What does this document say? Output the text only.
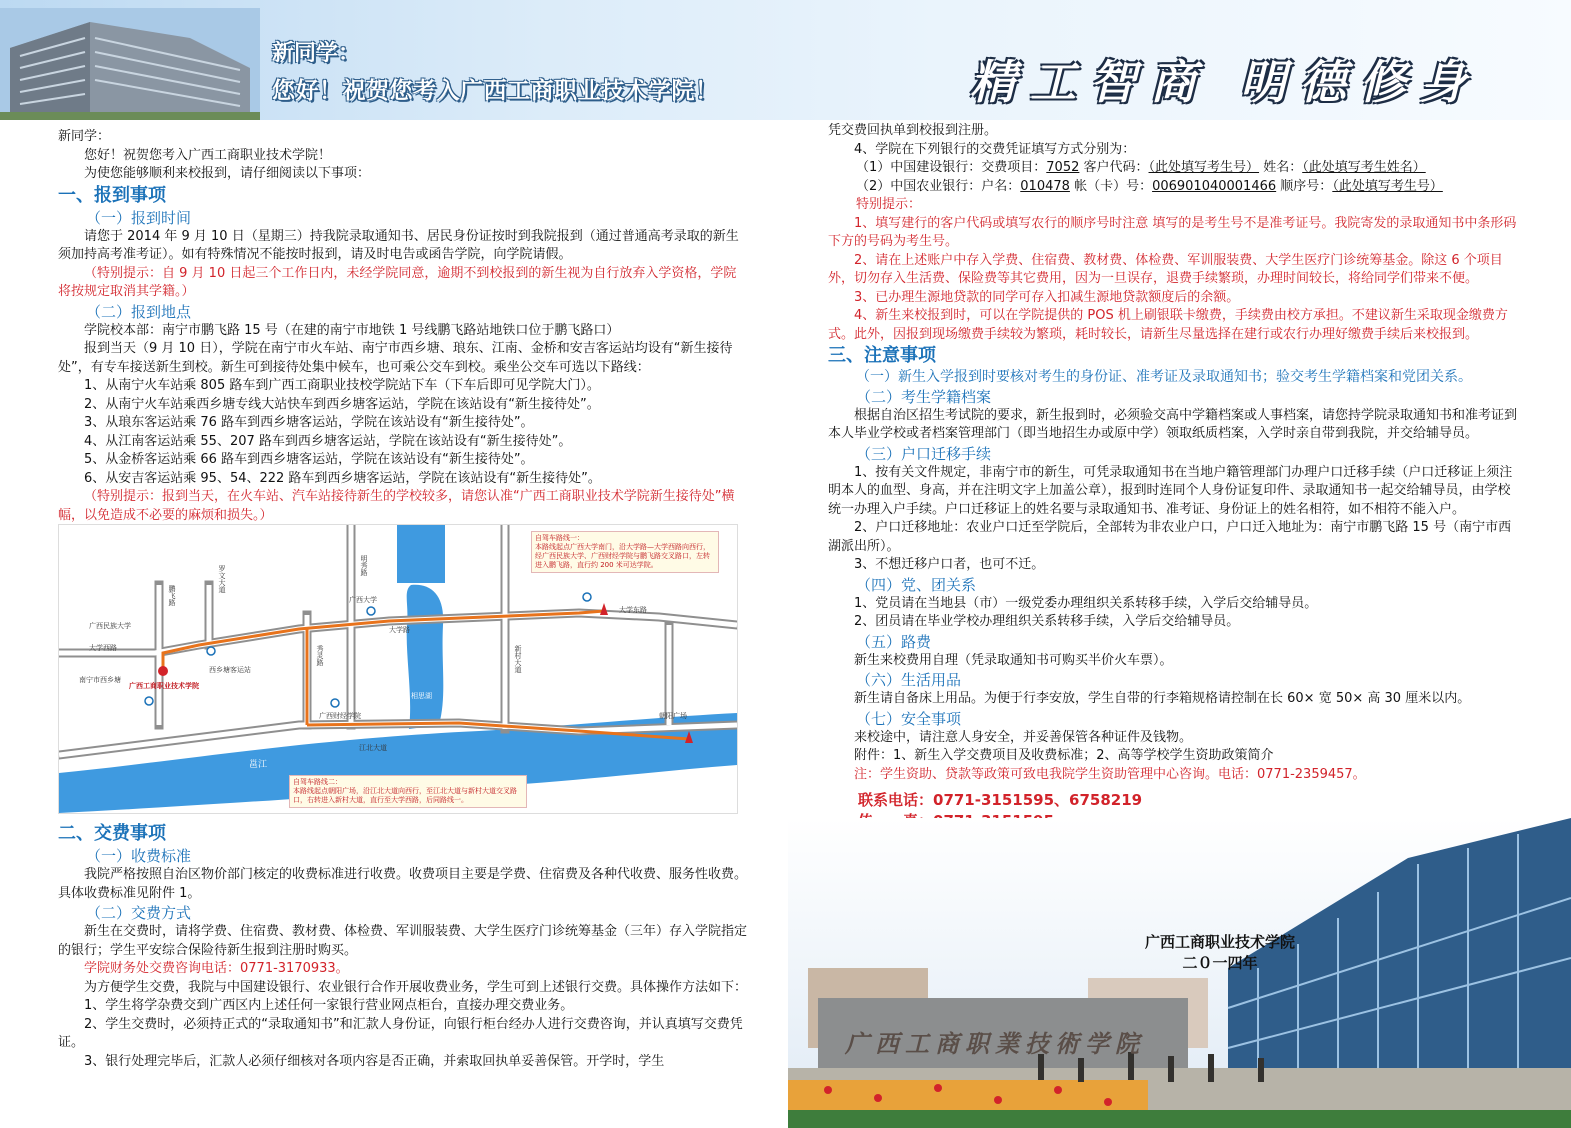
新同学：
您好！祝贺您考入广西工商职业技术学院！	精工智商 明德修身

新同学：

您好！祝贺您考入广西工商职业技术学院！

为使您能够顺利来校报到，请仔细阅读以下事项：

一、报到事项

（一）报到时间

请您于 2014 年 9 月 10 日（星期三）持我院录取通知书、居民身份证按时到我院报到（通过普通高考录取的新生须加持高考准考证）。如有特殊情况不能按时报到，请及时电告或函告学院，向学院请假。

（特别提示：自 9 月 10 日起三个工作日内，未经学院同意，逾期不到校报到的新生视为自行放弃入学资格，学院将按规定取消其学籍。）

（二）报到地点

学院校本部：南宁市鹏飞路 15 号（在建的南宁市地铁 1 号线鹏飞路站地铁口位于鹏飞路口）

报到当天（9 月 10 日），学院在南宁市火车站、南宁市西乡塘、琅东、江南、金桥和安吉客运站均设有“新生接待处”，有专车接送新生到校。新生可到接待处集中候车，也可乘公交车到校。乘坐公交车可选以下路线：

1、从南宁火车站乘 805 路车到广西工商职业技校学院站下车（下车后即可见学院大门）。

2、从南宁火车站乘西乡塘专线大站快车到西乡塘客运站，学院在该站设有“新生接待处”。

3、从琅东客运站乘 76 路车到西乡塘客运站，学院在该站设有“新生接待处”。

4、从江南客运站乘 55、207 路车到西乡塘客运站，学院在该站设有“新生接待处”。

5、从金桥客运站乘 66 路车到西乡塘客运站，学院在该站设有“新生接待处”。

6、从安吉客运站乘 95、54、222 路车到西乡塘客运站，学院在该站设有“新生接待处”。

（特别提示：报到当天，在火车站、汽车站接待新生的学校较多，请您认准“广西工商职业技术学院新生接待处”横幅，以免造成不必要的麻烦和损失。）

大学路
大学西路
大学东路
鹏飞路
罗文大道
秀灵路	新村大道
江北大道
邕江
明秀路
广西大学
广西民族大学
广西财经学院	朝阳广场
西乡塘客运站
南宁市西乡塘
广西工商职业技术学院
相思湖
自驾车路线一：
本路线起点广西大学南门，沿大学路—大学西路向西行，经广西民族大学、广西财经学院与鹏飞路交叉路口，左转进入鹏飞路，直行约 200 米可达学院。
自驾车路线二：
本路线起点朝阳广场，沿江北大道向西行，至江北大道与新村大道交叉路口，右转进入新村大道，直行至大学西路，后同路线一。

二、交费事项

（一）收费标准

我院严格按照自治区物价部门核定的收费标准进行收费。收费项目主要是学费、住宿费及各种代收费、服务性收费。具体收费标准见附件 1。

（二）交费方式

新生在交费时，请将学费、住宿费、教材费、体检费、军训服装费、大学生医疗门诊统筹基金（三年）存入学院指定的银行；学生平安综合保险待新生报到注册时购买。

学院财务处交费咨询电话：0771-3170933。

为方便学生交费，我院与中国建设银行、农业银行合作开展收费业务，学生可到上述银行交费。具体操作方法如下：

1、学生将学杂费交到广西区内上述任何一家银行营业网点柜台，直接办理交费业务。

2、学生交费时，必须持正式的“录取通知书”和汇款人身份证，向银行柜台经办人进行交费咨询，并认真填写交费凭证。

3、银行处理完毕后，汇款人必须仔细核对各项内容是否正确，并索取回执单妥善保管。开学时，学生

凭交费回执单到校报到注册。

4、学院在下列银行的交费凭证填写方式分别为：

（1）中国建设银行：交费项目：7052 客户代码：（此处填写考生号） 姓名：（此处填写考生姓名）

（2）中国农业银行：户名：010478 帐（卡）号：006901040001466 顺序号：（此处填写考生号）

特别提示：

1、填写建行的客户代码或填写农行的顺序号时注意 填写的是考生号不是准考证号。我院寄发的录取通知书中条形码下方的号码为考生号。

2、请在上述账户中存入学费、住宿费、教材费、体检费、军训服装费、大学生医疗门诊统筹基金。除这 6 个项目外，切勿存入生活费、保险费等其它费用，因为一旦误存，退费手续繁琐，办理时间较长，将给同学们带来不便。

3、已办理生源地贷款的同学可存入扣减生源地贷款额度后的余额。

4、新生来校报到时，可以在学院提供的 POS 机上刷银联卡缴费，手续费由校方承担。不建议新生采取现金缴费方式。此外，因报到现场缴费手续较为繁琐，耗时较长，请新生尽量选择在建行或农行办理好缴费手续后来校报到。

三、注意事项

（一）新生入学报到时要核对考生的身份证、准考证及录取通知书；验交考生学籍档案和党团关系。

（二）考生学籍档案

根据自治区招生考试院的要求，新生报到时，必须验交高中学籍档案或人事档案，请您持学院录取通知书和准考证到本人毕业学校或者档案管理部门（即当地招生办或原中学）领取纸质档案，入学时亲自带到我院，并交给辅导员。

（三）户口迁移手续

1、按有关文件规定，非南宁市的新生，可凭录取通知书在当地户籍管理部门办理户口迁移手续（户口迁移证上须注明本人的血型、身高，并在注明文字上加盖公章），报到时连同个人身份证复印件、录取通知书一起交给辅导员，由学校统一办理入户手续。户口迁移证上的姓名要与录取通知书、准考证、身份证上的姓名相符，如不相符不能入户。

2、户口迁移地址：农业户口迁至学院后，全部转为非农业户口，户口迁入地址为：南宁市鹏飞路 15 号（南宁市西湖派出所）。

3、不想迁移户口者，也可不迁。

（四）党、团关系

1、党员请在当地县（市）一级党委办理组织关系转移手续，入学后交给辅导员。

2、团员请在毕业学校办理组织关系转移手续，入学后交给辅导员。

（五）路费

新生来校费用自理（凭录取通知书可购买半价火车票）。

（六）生活用品

新生请自备床上用品。为便于行李安放，学生自带的行李箱规格请控制在长 60× 宽 50× 高 30 厘米以内。

（七）安全事项

来校途中，请注意人身安全，并妥善保管各种证件及钱物。

附件：1、新生入学交费项目及收费标准；2、高等学校学生资助政策简介

注：学生资助、贷款等政策可致电我院学生资助管理中心咨询。电话：0771-2359457。

联系电话：0771-3151595、6758219

广西工商职業技術学院
广西工商职业技术学院
二０一四年
